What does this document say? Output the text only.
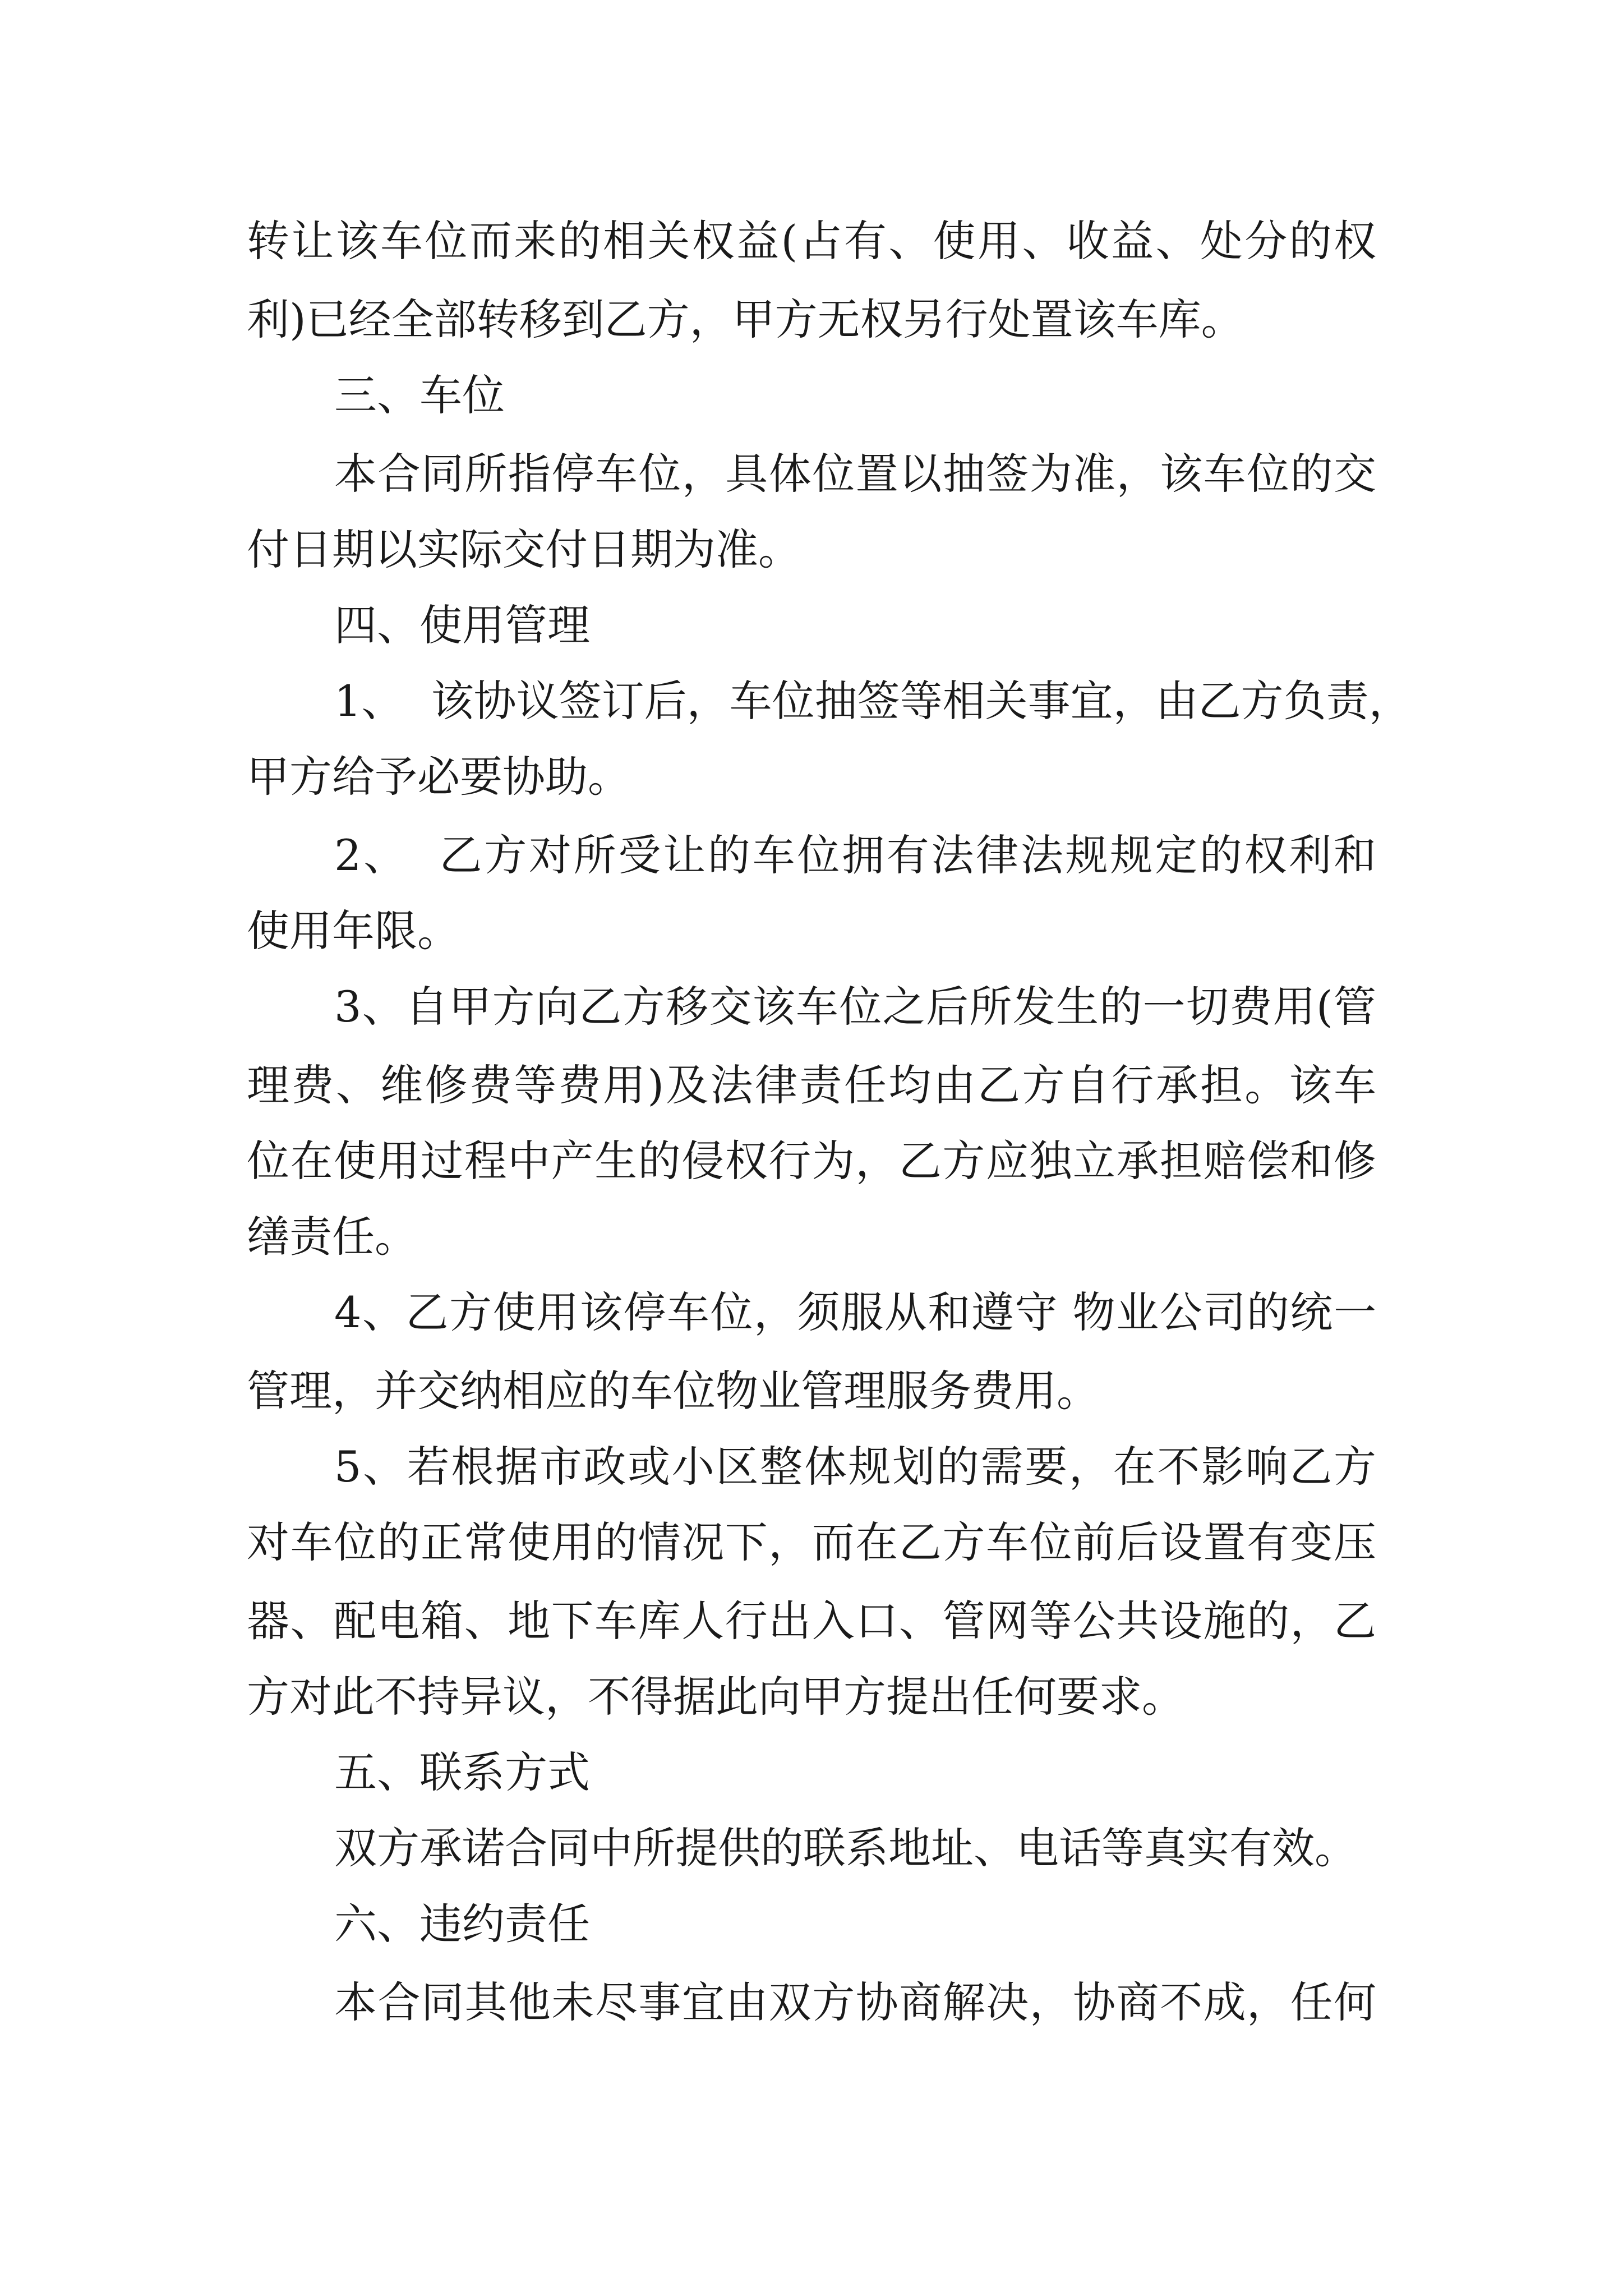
转让该车位而来的相关权益(占有、使用、收益、处分的权
利)已经全部转移到乙方，甲方无权另行处置该车库。
三、车位
本合同所指停车位，具体位置以抽签为准，该车位的交
付日期以实际交付日期为准。
四、使用管理
1、  该协议签订后，车位抽签等相关事宜，由乙方负责，
甲方给予必要协助。
2、  乙方对所受让的车位拥有法律法规规定的权利和
使用年限。
3、自甲方向乙方移交该车位之后所发生的一切费用(管
理费、维修费等费用)及法律责任均由乙方自行承担。该车
位在使用过程中产生的侵权行为，乙方应独立承担赔偿和修
缮责任。
4、乙方使用该停车位，须服从和遵守 物业公司的统一
管理，并交纳相应的车位物业管理服务费用。
5、若根据市政或小区整体规划的需要，在不影响乙方
对车位的正常使用的情况下，而在乙方车位前后设置有变压
器、配电箱、地下车库人行出入口、管网等公共设施的，乙
方对此不持异议，不得据此向甲方提出任何要求。
五、联系方式
双方承诺合同中所提供的联系地址、电话等真实有效。
六、违约责任
本合同其他未尽事宜由双方协商解决，协商不成，任何
